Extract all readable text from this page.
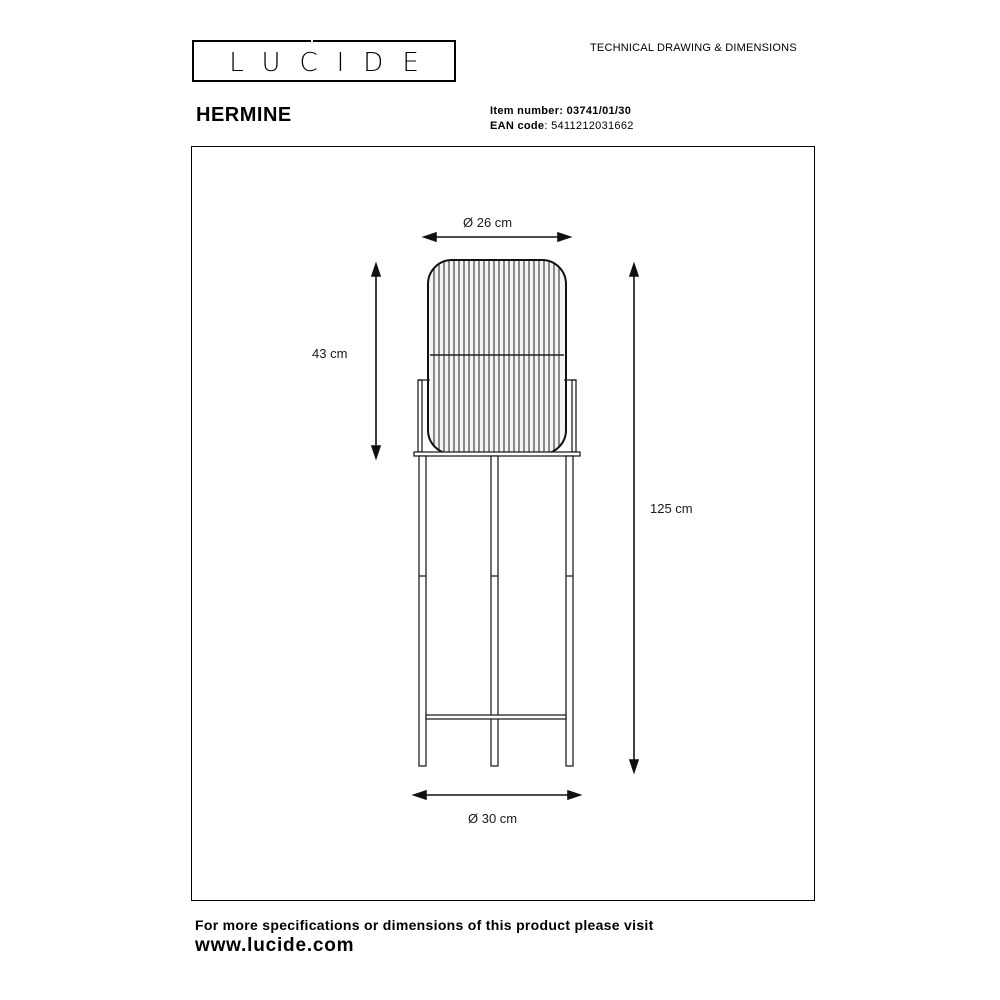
LUCIDE	TECHNICAL DRAWING & DIMENSIONS
HERMINE	Item number: 03741/01/30
EAN code: 5411212031662
Ø 26 cm
43 cm
125 cm
Ø 30 cm
For more specifications or dimensions of this product please visit
www.lucide.com
